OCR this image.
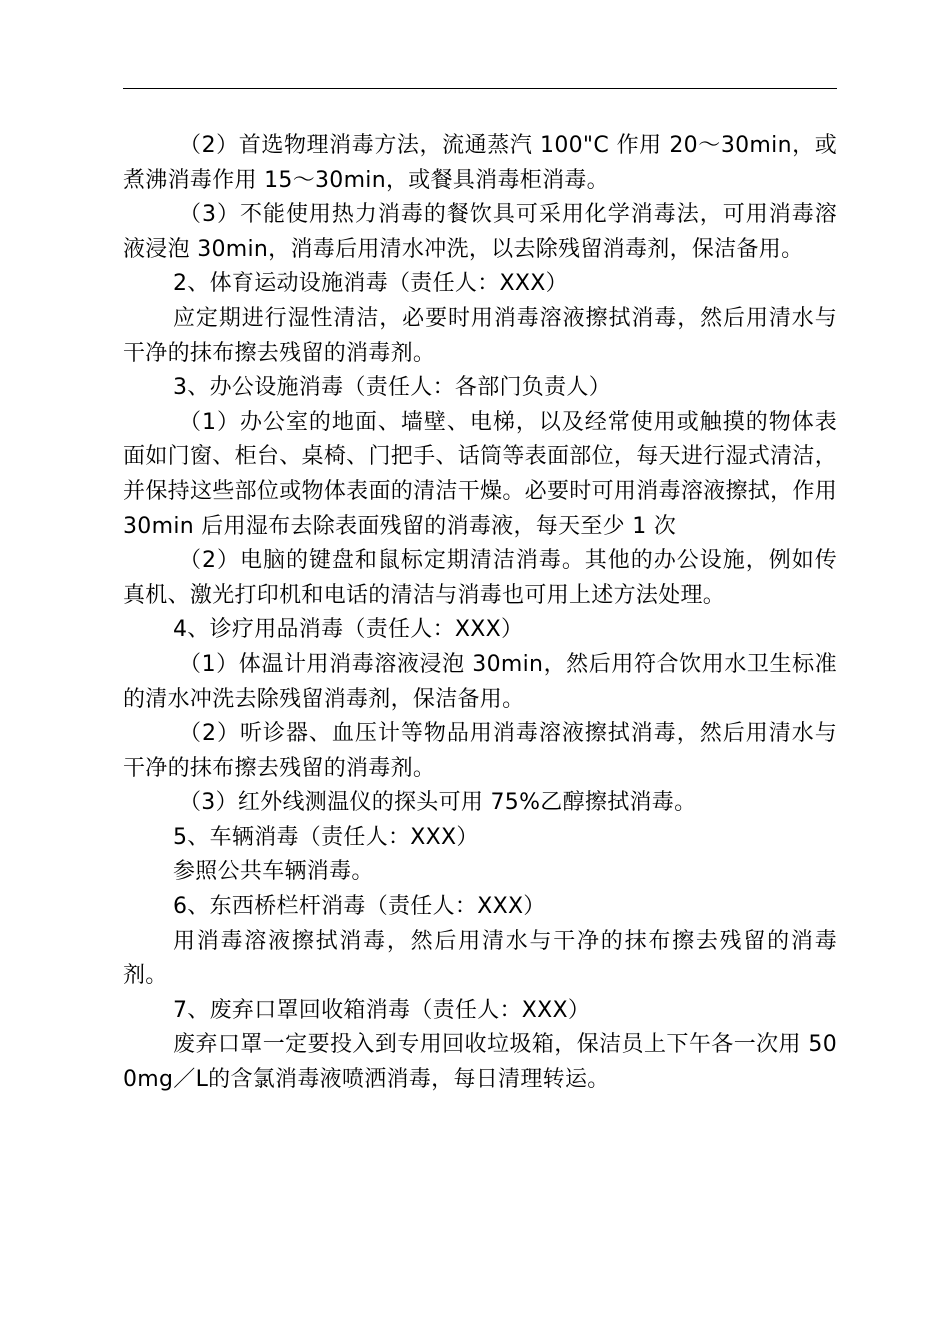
（2）首选物理消毒方法，流通蒸汽 100"C 作用 20～30min，或煮沸消毒作用 15～30min，或餐具消毒柜消毒。

（3）不能使用热力消毒的餐饮具可采用化学消毒法，可用消毒溶液浸泡 30min，消毒后用清水冲洗，以去除残留消毒剂，保洁备用。

2、体育运动设施消毒（责任人：XXX）

应定期进行湿性清洁，必要时用消毒溶液擦拭消毒，然后用清水与干净的抹布擦去残留的消毒剂。

3、办公设施消毒（责任人：各部门负责人）

（1）办公室的地面、墙壁、电梯，以及经常使用或触摸的物体表面如门窗、柜台、桌椅、门把手、话筒等表面部位，每天进行湿式清洁，并保持这些部位或物体表面的清洁干燥。必要时可用消毒溶液擦拭，作用 30min 后用湿布去除表面残留的消毒液，每天至少 1 次

（2）电脑的键盘和鼠标定期清洁消毒。其他的办公设施，例如传真机、激光打印机和电话的清洁与消毒也可用上述方法处理。

4、诊疗用品消毒（责任人：XXX）

（1）体温计用消毒溶液浸泡 30min，然后用符合饮用水卫生标准的清水冲洗去除残留消毒剂，保洁备用。

（2）听诊器、血压计等物品用消毒溶液擦拭消毒，然后用清水与干净的抹布擦去残留的消毒剂。

（3）红外线测温仪的探头可用 75%乙醇擦拭消毒。

5、车辆消毒（责任人：XXX）

参照公共车辆消毒。

6、东西桥栏杆消毒（责任人：XXX）

用消毒溶液擦拭消毒，然后用清水与干净的抹布擦去残留的消毒剂。

7、废弃口罩回收箱消毒（责任人：XXX）

废弃口罩一定要投入到专用回收垃圾箱，保洁员上下午各一次用 500mg／L的含氯消毒液喷洒消毒，每日清理转运。
